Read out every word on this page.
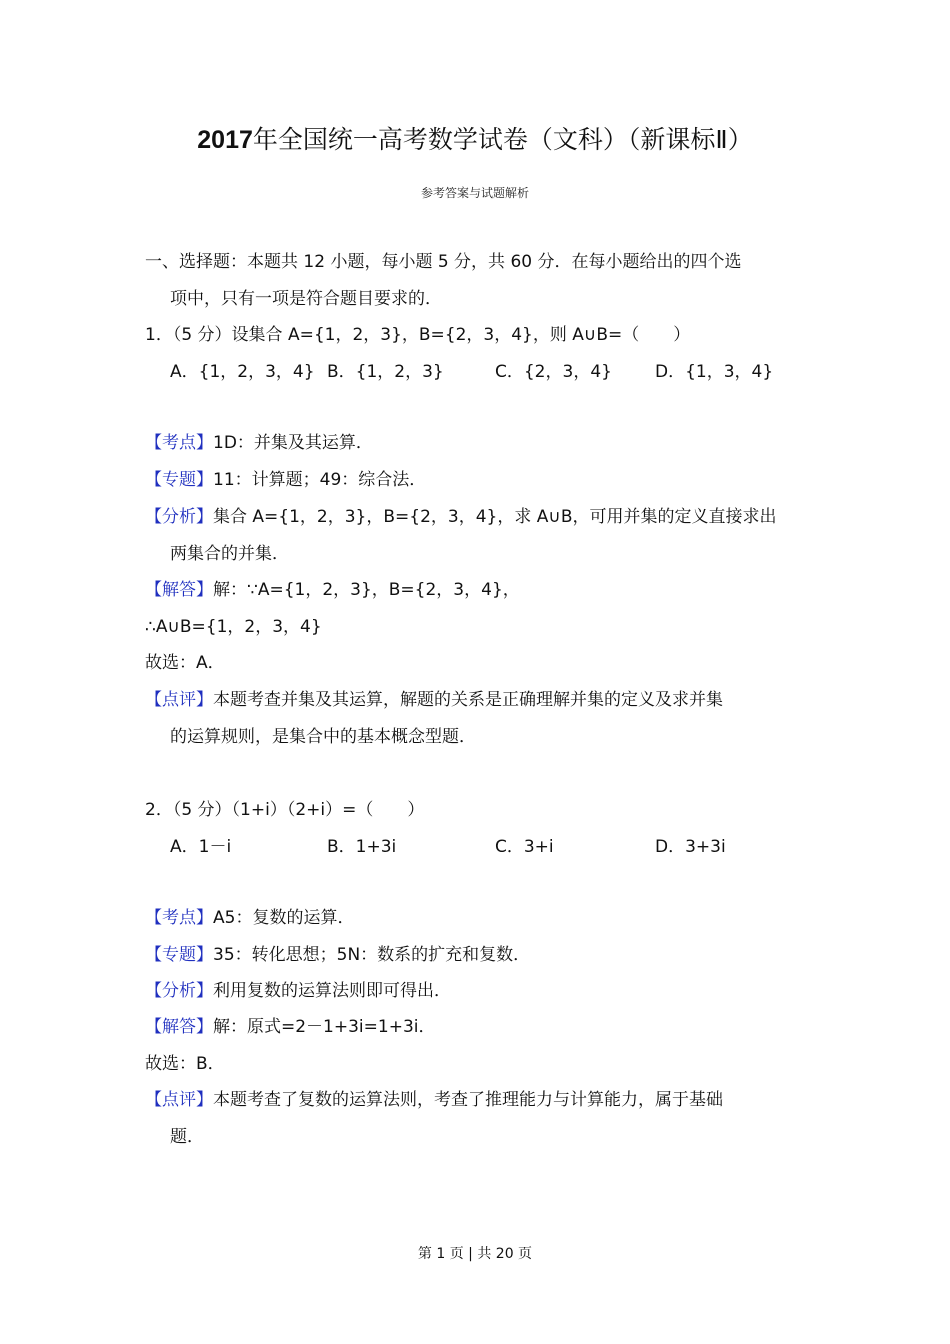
2017年全国统一高考数学试卷（文科）（新课标Ⅱ）
参考答案与试题解析
一、选择题：本题共 12 小题，每小题 5 分，共 60 分．在每小题给出的四个选
项中，只有一项是符合题目要求的．
1．（5 分）设集合 A={1，2，3}，B={2，3，4}，则 A∪B=（　　）
A．{1，2，3，4} B．{1，2，3}	C．{2，3，4}	D．{1，3，4}
【考点】1D：并集及其运算．
【专题】11：计算题；49：综合法．
【分析】集合 A={1，2，3}，B={2，3，4}，求 A∪B，可用并集的定义直接求出
两集合的并集．
【解答】解：∵A={1，2，3}，B={2，3，4}，
∴A∪B={1，2，3，4}
故选：A．
【点评】本题考查并集及其运算，解题的关系是正确理解并集的定义及求并集
的运算规则，是集合中的基本概念型题．
2．（5 分）（1+i）（2+i）=（　　）
A．1－i	B．1+3i	C．3+i	D．3+3i
【考点】A5：复数的运算．
【专题】35：转化思想；5N：数系的扩充和复数．
【分析】利用复数的运算法则即可得出．
【解答】解：原式=2－1+3i=1+3i．
故选：B．
【点评】本题考查了复数的运算法则，考查了推理能力与计算能力，属于基础
题．
第 1 页 | 共 20 页
